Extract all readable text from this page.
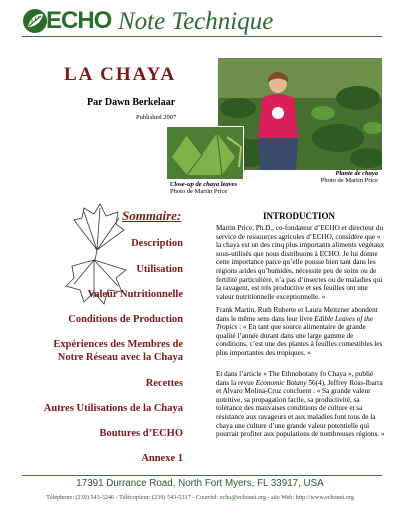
ECHO Note Technique
LA CHAYA
Par Dawn Berkelaar
Published 2007
Plante de chaya
Photo de Martin Price
Close-up de chaya leaves
Photo de Martin Price
Sommaire:
Description
Utilisation
Valeur Nutritionnelle
Conditions de Production
Expériences des Membres de
Notre Réseau avec la Chaya
Recettes
Autres Utilisations de la Chaya
Boutures d’ECHO
Annexe 1
INTRODUCTION
Martin Price, Ph.D., co-fondateur d’ECHO et directeur du service de ressources agricoles d’ECHO, considère que « la chaya est un des cinq plus importants aliments végétaux sous-utilisés que nous distribuons à ECHO. Je lui donne cette importance parce qu’elle pousse bien tant dans les régions arides qu’humides, nécessite peu de soins ou de fertilité particulière, n’a pas d’insectes ou de maladies qui la ravagent, est très productive et ses feuilles ont une valeur nutritionnelle exceptionnelle. »
Frank Martin, Ruth Ruberte et Laura Meitzner abondent dans le même sens dans leur livre Edible Leaves of the Tropics : « En tant que source alimentaire de grande qualité l’année durant dans une large gamme de conditions, c’est une des plantes à feuilles comestibles les plus importantes des tropiques. »
Et dans l’article « The Ethnobotany fo Chaya », publié dans la revue Economic Botany 56(4), Jeffrey Ross-Ibarra et Alvaro Molina-Cruz concluent : « Sa grande valeur nutritive, sa propagation facile, sa productivité, sa tolérance des mauvaises conditions de culture et sa résistance aux ravageurs et aux maladies font tous de la chaya une culture d’une grande valeur potentielle qui pourrait profiter aux populations de nombreuses régions. »
17391 Durrance Road, North Fort Myers, FL 33917, USA
Téléphone: (239) 543-3246 - Télécopieur: (239) 543-5317 - Courriel: echo@echonet.org - site Web: http://www.echonet.org
